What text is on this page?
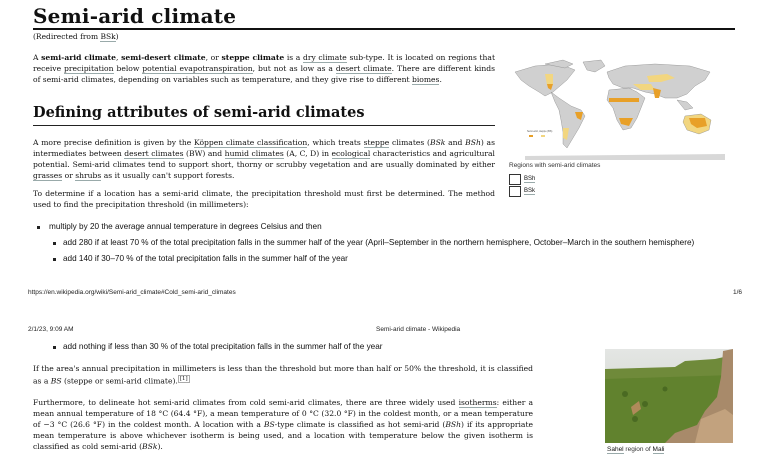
Semi-arid climate
(Redirected from BSk)

A semi-arid climate, semi-desert climate, or steppe climate is a dry climate sub-type. It is located on regions that receive precipitation below potential evapotranspiration, but not as low as a desert climate. There are different kinds of semi-arid climates, depending on variables such as temperature, and they give rise to different biomes.

Defining attributes of semi-arid climates

A more precise definition is given by the Köppen climate classification, which treats steppe climates (BSk and BSh) as intermediates between desert climates (BW) and humid climates (A, C, D) in ecological characteristics and agricultural potential. Semi-arid climates tend to support short, thorny or scrubby vegetation and are usually dominated by either grasses or shrubs as it usually can't support forests.

To determine if a location has a semi-arid climate, the precipitation threshold must first be determined. The method used to find the precipitation threshold (in millimeters):

multiply by 20 the average annual temperature in degrees Celsius and then
add 280 if at least 70 % of the total precipitation falls in the summer half of the year (April–September in the northern hemisphere, October–March in the southern hemisphere)
add 140 if 30–70 % of the total precipitation falls in the summer half of the year
Semi-arid, steppe (BS)
Regions with semi-arid climates
BSh
BSk
https://en.wikipedia.org/wiki/Semi-arid_climate#Cold_semi-arid_climates	1/6
2/1/23, 9:09 AM	Semi-arid climate - Wikipedia
add nothing if less than 30 % of the total precipitation falls in the summer half of the year

If the area's annual precipitation in millimeters is less than the threshold but more than half or 50% the threshold, it is classified as a BS (steppe or semi-arid climate). [1]

Furthermore, to delineate hot semi-arid climates from cold semi-arid climates, there are three widely used isotherms: either a mean annual temperature of 18 °C (64.4 °F), a mean temperature of 0 °C (32.0 °F) in the coldest month, or a mean temperature of −3 °C (26.6 °F) in the coldest month. A location with a BS-type climate is classified as hot semi-arid (BSh) if its appropriate mean temperature is above whichever isotherm is being used, and a location with temperature below the given isotherm is classified as cold semi-arid (BSk).	Sahel region of Mali
